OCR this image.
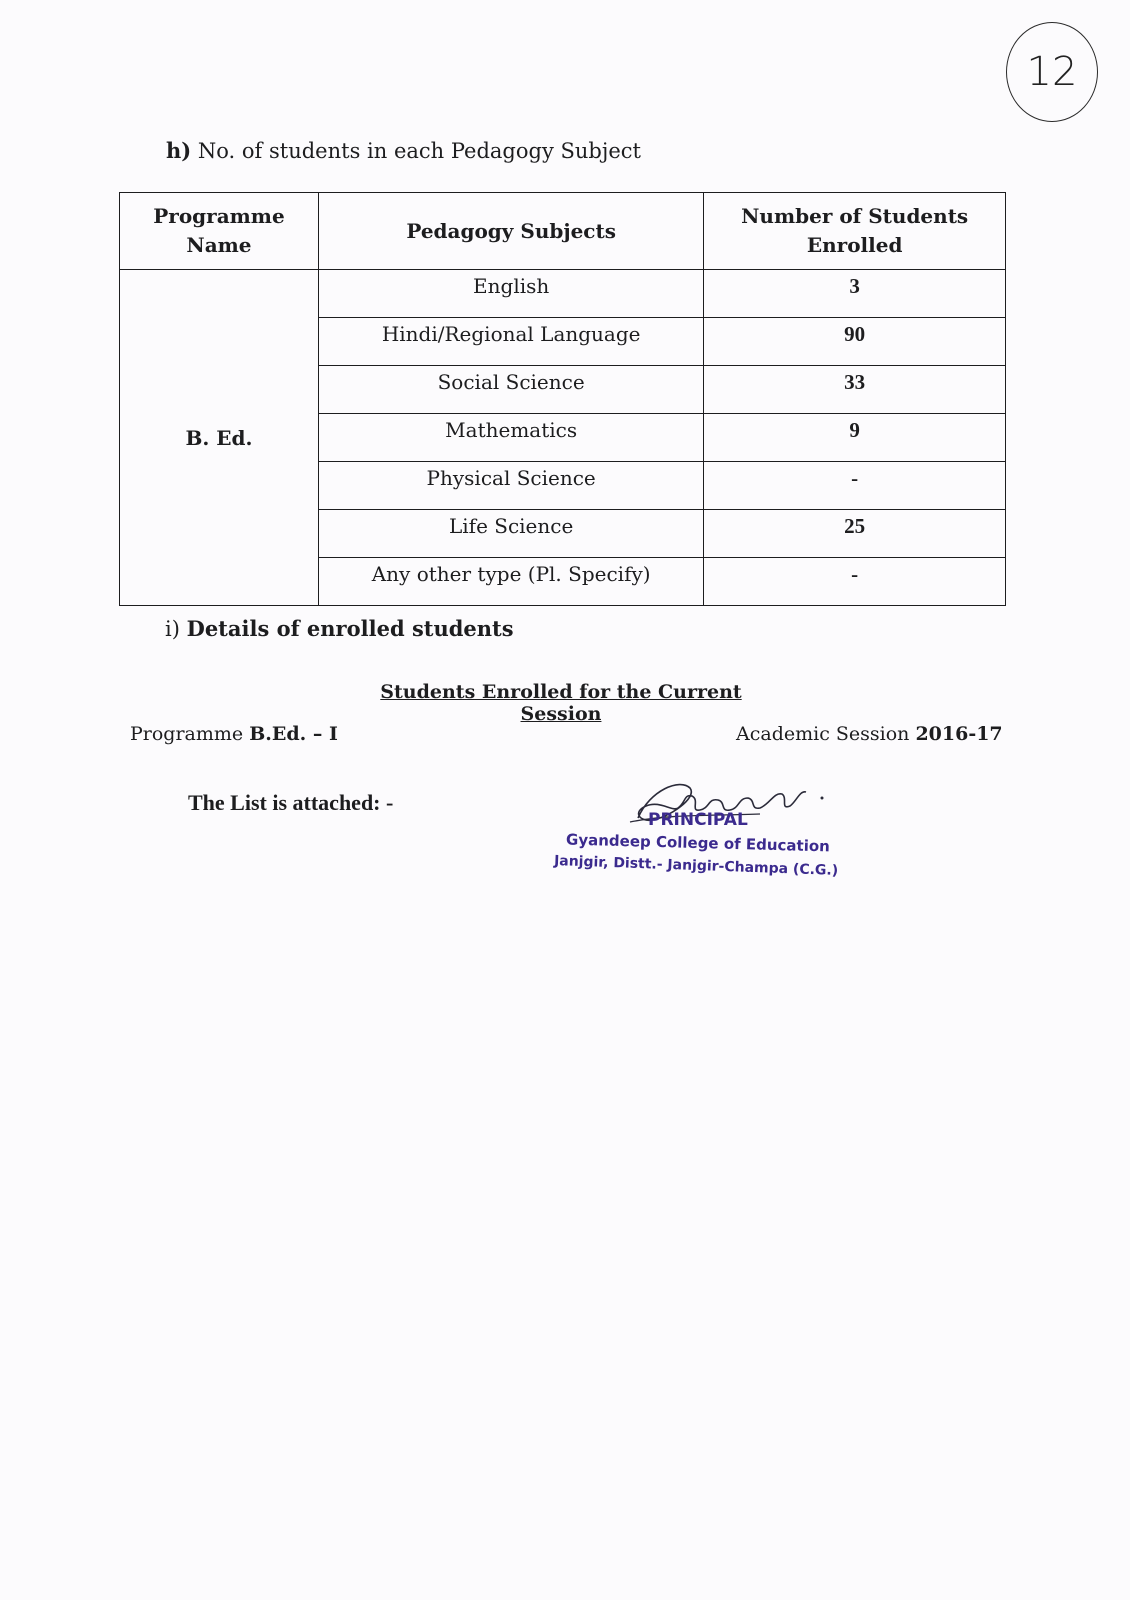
12
h) No. of students in each Pedagogy Subject
Programme Name	Pedagogy Subjects	Number of Students Enrolled
B. Ed.	English	3
	Hindi/Regional Language	90
	Social Science	33
	Mathematics	9
	Physical Science	-
	Life Science	25
	Any other type (Pl. Specify)	-
i) Details of enrolled students
Students Enrolled for the Current Session
Programme B.Ed. – I	Academic Session 2016-17
The List is attached: -
PRINCIPAL
Gyandeep College of Education
Janjgir, Distt.- Janjgir-Champa (C.G.)
